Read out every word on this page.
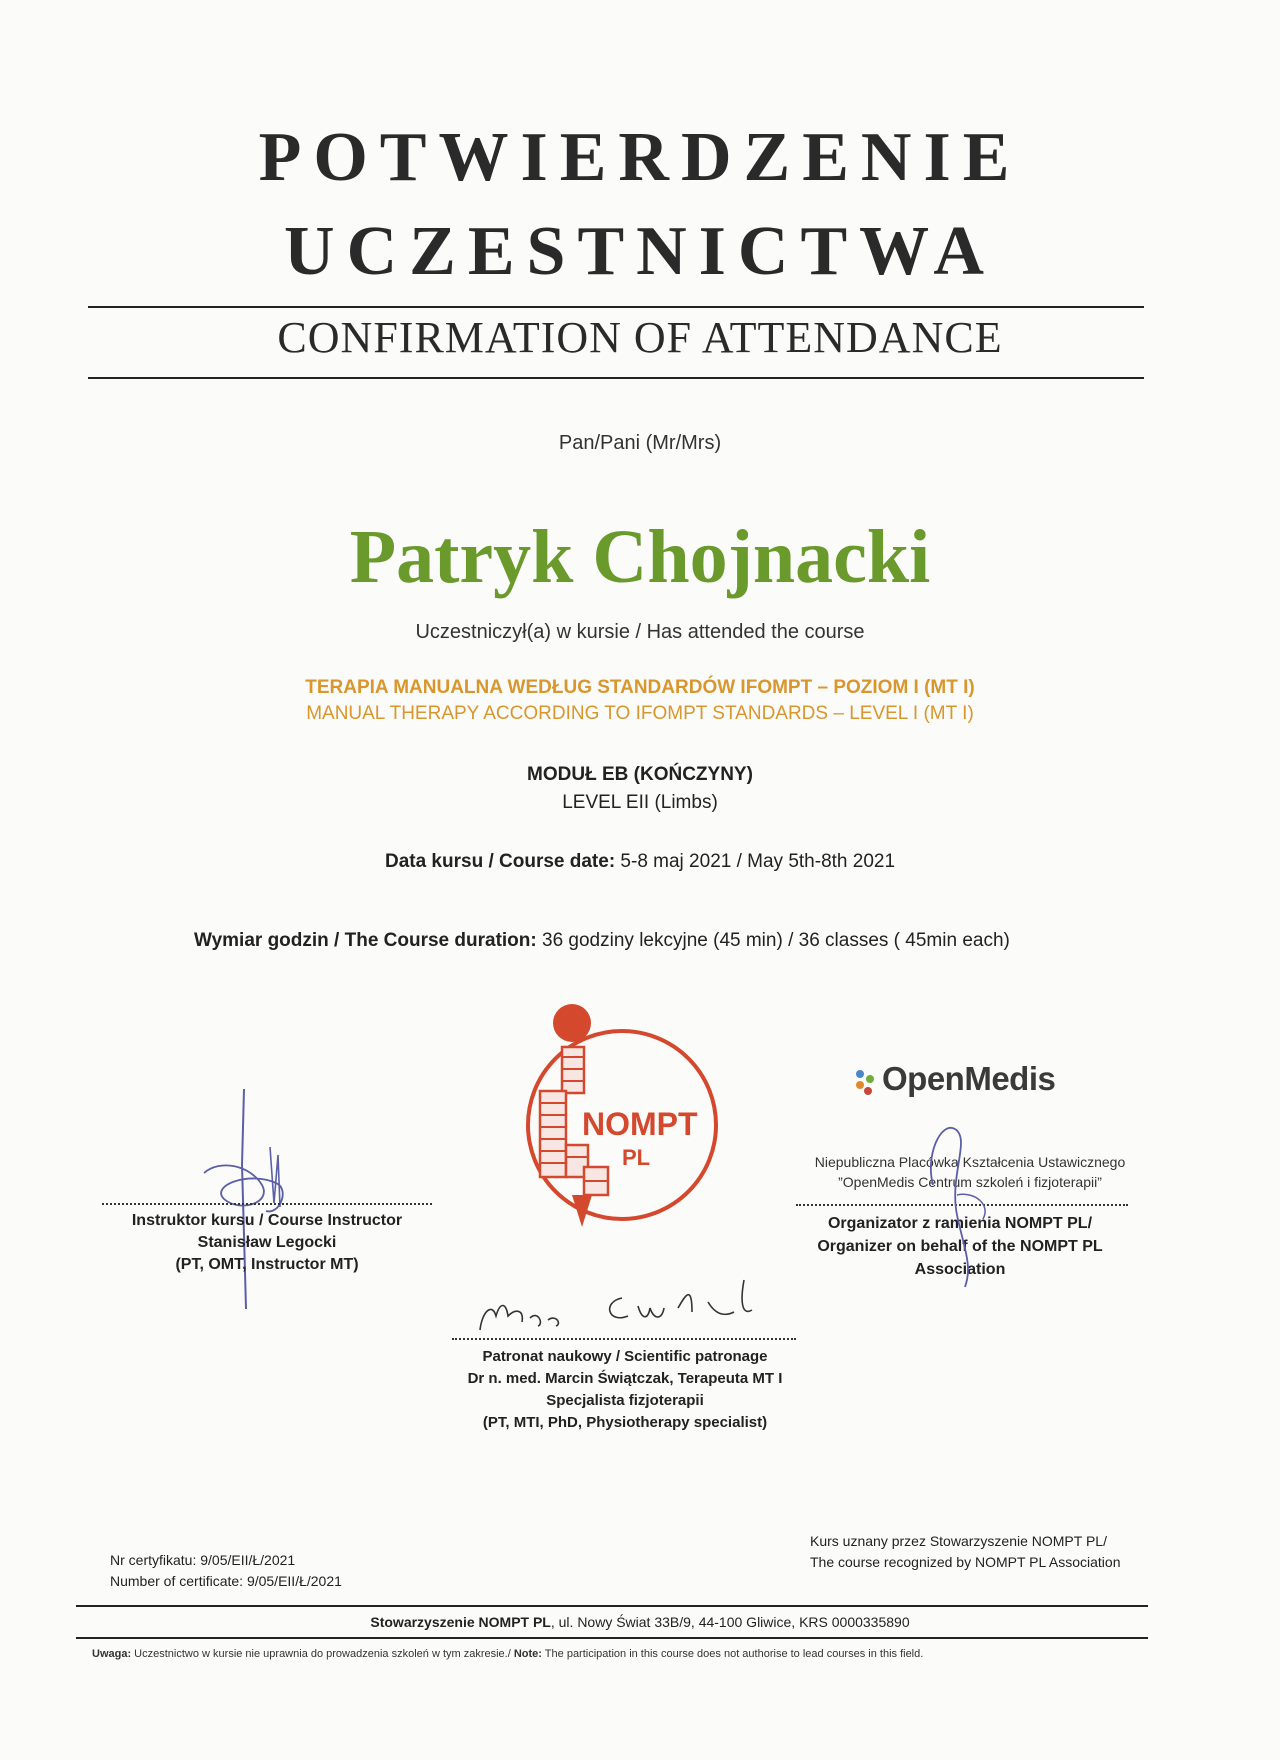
POTWIERDZENIE
UCZESTNICTWA
CONFIRMATION OF ATTENDANCE
Pan/Pani (Mr/Mrs)
Patryk Chojnacki
Uczestniczył(a) w kursie / Has attended the course
TERAPIA MANUALNA WEDŁUG STANDARDÓW IFOMPT – POZIOM I (MT I)
MANUAL THERAPY ACCORDING TO IFOMPT STANDARDS – LEVEL I (MT I)
MODUŁ EB (KOŃCZYNY)
LEVEL EII (Limbs)
Data kursu / Course date: 5-8 maj 2021 / May 5th-8th 2021
Wymiar godzin / The Course duration: 36 godziny lekcyjne (45 min) / 36 classes ( 45min each)
NOMPT
PL
OpenMedis
Niepubliczna Placówka Kształcenia Ustawicznego
”OpenMedis Centrum szkoleń i fizjoterapii”
Organizator z ramienia NOMPT PL/
Organizer on behalf of the NOMPT PL
Association
Instruktor kursu / Course Instructor
Stanisław Legocki
(PT, OMT, Instructor MT)	Marcin Świątczak
Patronat naukowy / Scientific patronage
Dr n. med. Marcin Świątczak, Terapeuta MT I
Specjalista fizjoterapii
(PT, MTI, PhD, Physiotherapy specialist)
Nr certyfikatu: 9/05/EII/Ł/2021
Number of certificate: 9/05/EII/Ł/2021
Kurs uznany przez Stowarzyszenie NOMPT PL/
The course recognized by NOMPT PL Association
Stowarzyszenie NOMPT PL, ul. Nowy Świat 33B/9, 44-100 Gliwice, KRS 0000335890
Uwaga: Uczestnictwo w kursie nie uprawnia do prowadzenia szkoleń w tym zakresie./ Note: The participation in this course does not authorise to lead courses in this field.
